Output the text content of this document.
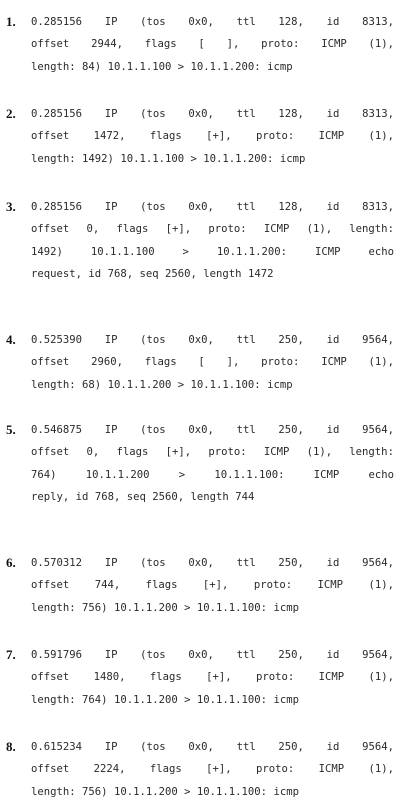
1.	0.285156 IP (tos 0x0, ttl 128, id 8313,
offset 2944, flags [ ], proto: ICMP (1),
length: 84) 10.1.1.100 > 10.1.1.200: icmp
2.	0.285156 IP (tos 0x0, ttl 128, id 8313,
offset 1472, flags [+], proto: ICMP (1),
length: 1492) 10.1.1.100 > 10.1.1.200: icmp
3.	0.285156 IP (tos 0x0, ttl 128, id 8313,
offset 0, flags [+], proto: ICMP (1), length:
1492)	10.1.1.100	>	10.1.1.200:	ICMP	echo
request, id 768, seq 2560, length 1472
4.	0.525390 IP (tos 0x0, ttl 250, id 9564,
offset 2960, flags [ ], proto: ICMP (1),
length: 68) 10.1.1.200 > 10.1.1.100: icmp
5.	0.546875 IP (tos 0x0, ttl 250, id 9564,
offset 0, flags [+], proto: ICMP (1), length:
764)	10.1.1.200	>	10.1.1.100:	ICMP	echo
reply, id 768, seq 2560, length 744
6.	0.570312 IP (tos 0x0, ttl 250, id 9564,
offset 744, flags [+], proto: ICMP (1),
length: 756) 10.1.1.200 > 10.1.1.100: icmp
7.	0.591796 IP (tos 0x0, ttl 250, id 9564,
offset 1480, flags [+], proto: ICMP (1),
length: 764) 10.1.1.200 > 10.1.1.100: icmp
8.	0.615234 IP (tos 0x0, ttl 250, id 9564,
offset 2224, flags [+], proto: ICMP (1),
length: 756) 10.1.1.200 > 10.1.1.100: icmp
